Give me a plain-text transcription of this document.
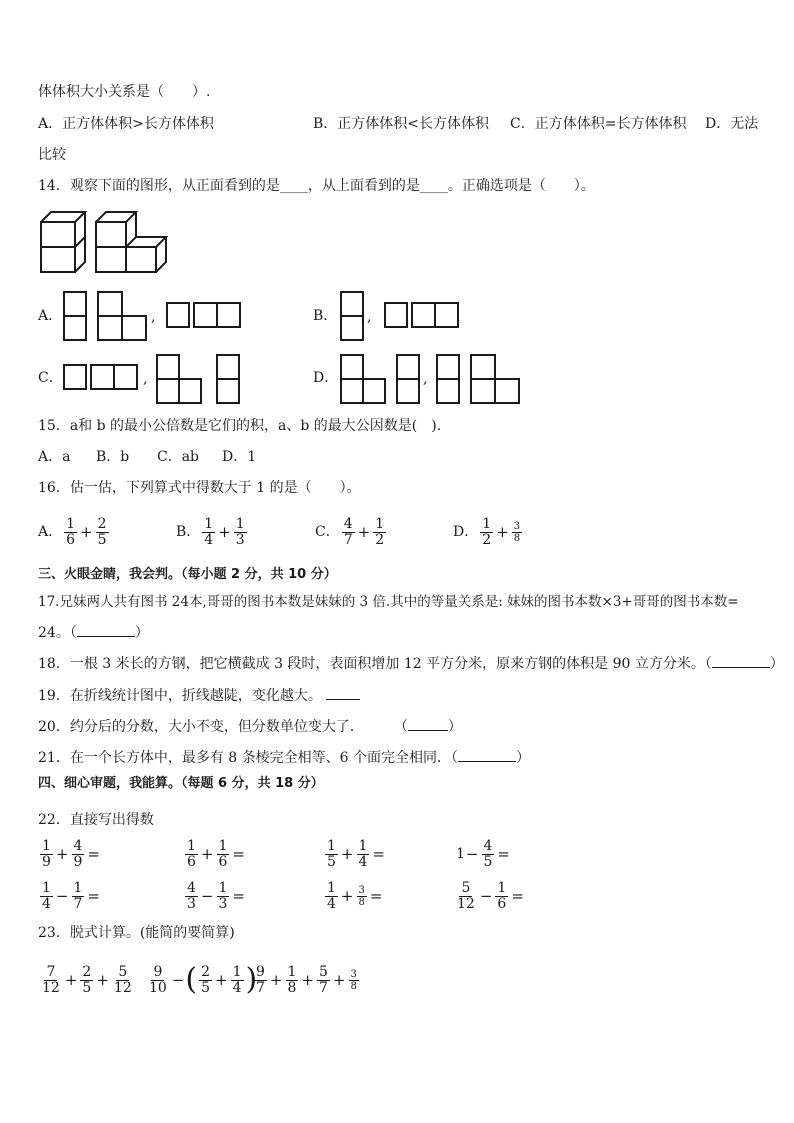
体体积大小关系是（　　）.
A．正方体体积>长方体体积	B．正方体体积<长方体体积 C．正方体体积=长方体体积 D．无法
比较
14．观察下面的图形，从正面看到的是____，从上面看到的是____。正确选项是（　　）。
A．	,	B． ,
C．	,	D．	,
15．a和 b 的最小公倍数是它们的积，a、b 的最大公因数是(　).
A．a B．b C．ab D．1
16．估一估，下列算式中得数大于 1 的是（　　）。
A． $\frac{1}{6} + \frac{2}{5}$	B． $\frac{1}{4} + \frac{1}{3}$	C． $\frac{4}{7} + \frac{1}{2}$	D． $\frac{1}{2} + \frac{3}{8}$
三、火眼金睛，我会判。（每小题 2 分，共 10 分）
17.兄妹两人共有图书 24本,哥哥的图书本数是妹妹的 3 倍.其中的等量关系是: 妹妹的图书本数×3+哥哥的图书本数=
24。（	）
18．一根 3 米长的方钢，把它横截成 3 段时，表面积增加 12 平方分米，原来方钢的体积是 90 立方分米。（	）
19．在折线统计图中，折线越陡，变化越大。
20．约分后的分数，大小不变，但分数单位变大了． （	）
21．在一个长方体中，最多有 8 条棱完全相等、6 个面完全相同．（	）
四、细心审题，我能算。（每题 6 分，共 18 分）
22．直接写出得数
$\frac{1}{9} + \frac{4}{9}$ =	$\frac{1}{6} + \frac{1}{6}$ =	$\frac{1}{5} + \frac{1}{4}$ =	$1 - \frac{4}{5}$ =
$\frac{1}{4} - \frac{1}{7}$ =	$\frac{4}{3} - \frac{1}{3}$ =	$\frac{1}{4} + \frac{3}{8}$ =	$\frac{5}{12} - \frac{1}{6}$ =
23．脱式计算。(能简的要简算)
$\frac{7}{12} + \frac{2}{5} + \frac{5}{12} \frac{9}{10}$ − ( $\frac{2}{5} + \frac{1}{4}$ )
$\frac{9}{7} + \frac{1}{8} + \frac{5}{7} + \frac{3}{8}$
